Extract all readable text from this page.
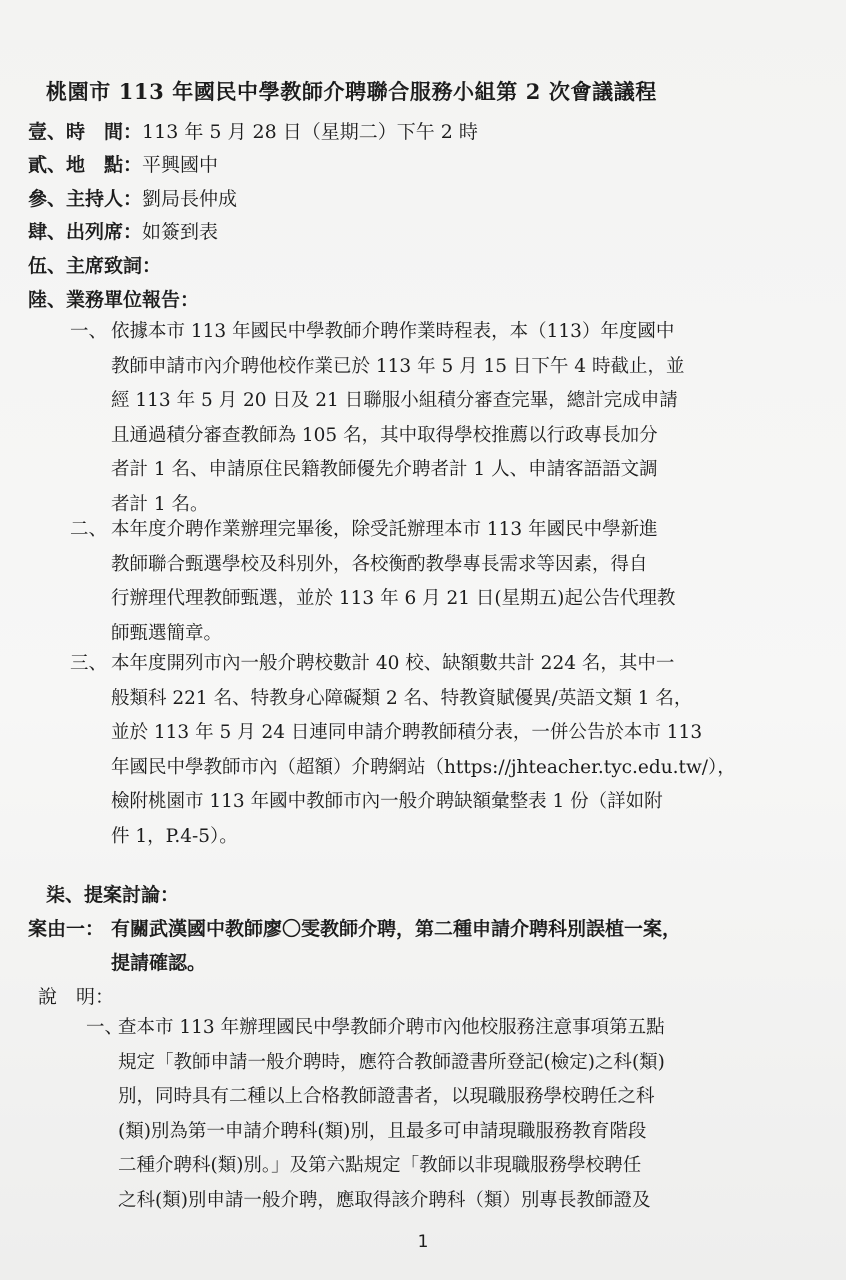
桃園市 113 年國民中學教師介聘聯合服務小組第 2 次會議議程
壹、時　間：113 年 5 月 28 日（星期二）下午 2 時
貳、地　點：平興國中
參、主持人：劉局長仲成
肆、出列席：如簽到表
伍、主席致詞：
陸、業務單位報告：
一、 依據本市 113 年國民中學教師介聘作業時程表，本（113）年度國中
教師申請市內介聘他校作業已於 113 年 5 月 15 日下午 4 時截止，並
經 113 年 5 月 20 日及 21 日聯服小組積分審查完畢，總計完成申請
且通過積分審查教師為 105 名，其中取得學校推薦以行政專長加分
者計 1 名、申請原住民籍教師優先介聘者計 1 人、申請客語語文調
者計 1 名。
二、 本年度介聘作業辦理完畢後，除受託辦理本市 113 年國民中學新進
教師聯合甄選學校及科別外，各校衡酌教學專長需求等因素，得自
行辦理代理教師甄選，並於 113 年 6 月 21 日(星期五)起公告代理教
師甄選簡章。
三、 本年度開列市內一般介聘校數計 40 校、缺額數共計 224 名，其中一
般類科 221 名、特教身心障礙類 2 名、特教資賦優異/英語文類 1 名，
並於 113 年 5 月 24 日連同申請介聘教師積分表，一併公告於本市 113
年國民中學教師市內（超額）介聘網站（https://jhteacher.tyc.edu.tw/），
檢附桃園市 113 年國中教師市內一般介聘缺額彙整表 1 份（詳如附
件 1，P.4-5）。
柒、提案討論：
案由一： 有關武漢國中教師廖〇雯教師介聘，第二種申請介聘科別誤植一案，
提請確認。
說　明：
一、
查本市 113 年辦理國民中學教師介聘市內他校服務注意事項第五點
規定「教師申請一般介聘時，應符合教師證書所登記(檢定)之科(類)
別，同時具有二種以上合格教師證書者，以現職服務學校聘任之科
(類)別為第一申請介聘科(類)別，且最多可申請現職服務教育階段
二種介聘科(類)別。」及第六點規定「教師以非現職服務學校聘任
之科(類)別申請一般介聘，應取得該介聘科（類）別專長教師證及
1
